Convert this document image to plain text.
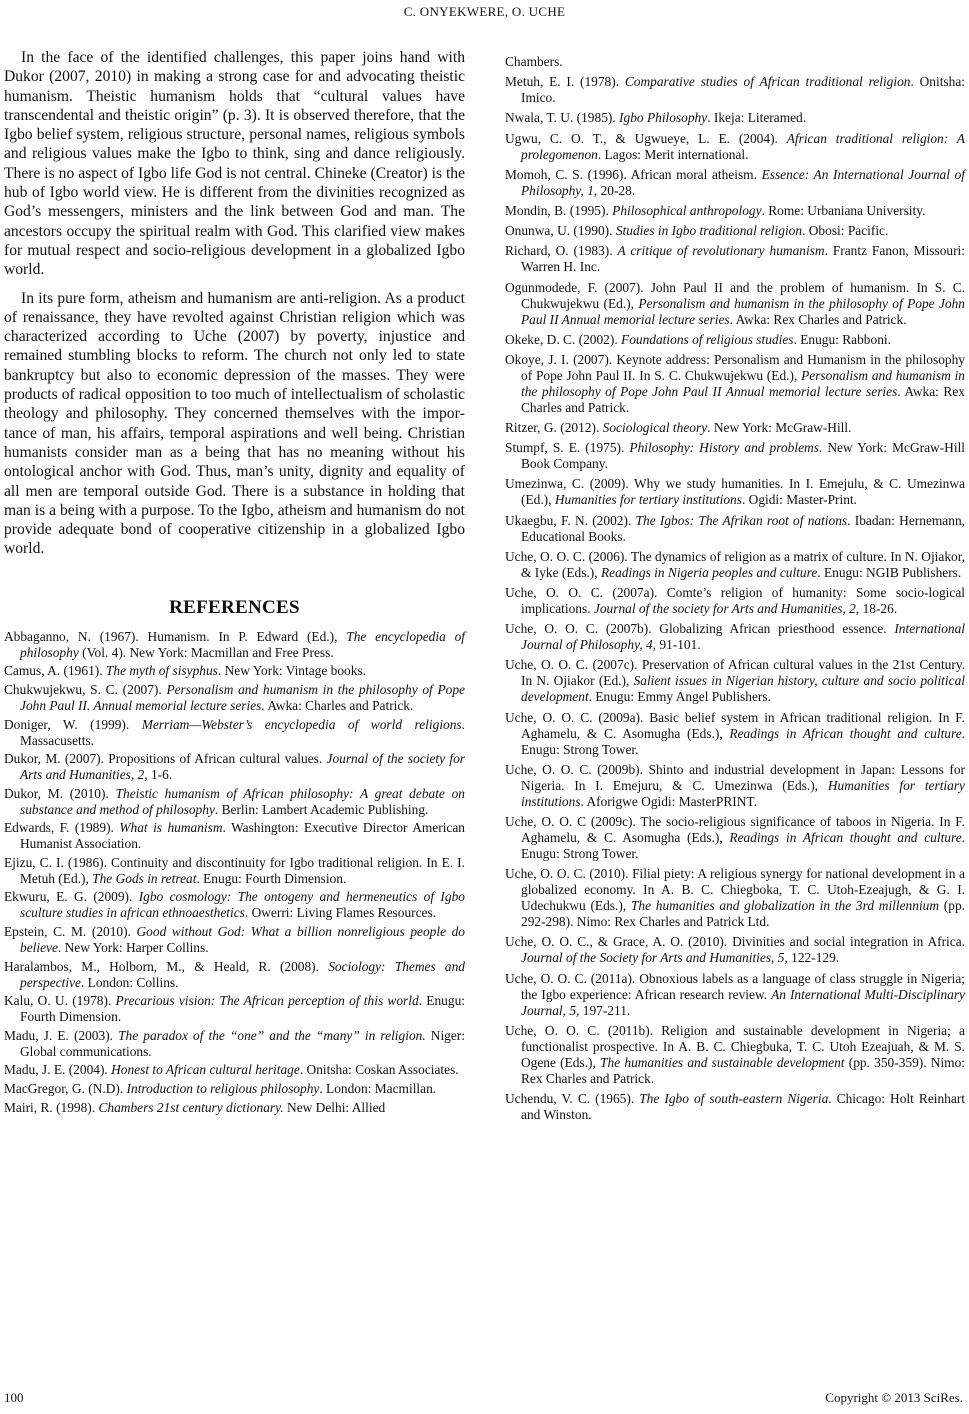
C. ONYEKWERE, O. UCHE

In the face of the identified challenges, this paper joins hand with Dukor (2007, 2010) in making a strong case for and advocating theistic humanism. Theistic humanism holds that “cultural values have transcendental and theistic origin” (p. 3). It is observed therefore, that the Igbo belief system, religious structure, personal names, religious symbols and religious values make the Igbo to think, sing and dance religiously. There is no aspect of Igbo life God is not central. Chineke (Creator) is the hub of Igbo world view. He is different from the divinities recognized as God’s messengers, ministers and the link between God and man. The ancestors occupy the spiritual realm with God. This clarified view makes for mutual respect and socio-religious development in a globalized Igbo world.

In its pure form, atheism and humanism are anti-religion. As a product of renaissance, they have revolted against Christian religion which was characterized according to Uche (2007) by poverty, injustice and remained stumbling blocks to reform. The church not only led to state bankruptcy but also to economic depression of the masses. They were products of radical opposition to too much of intellectualism of scholastic theology and philosophy. They concerned themselves with the importance of man, his affairs, temporal aspirations and well being. Christian humanists consider man as a being that has no meaning without his ontological anchor with God. Thus, man’s unity, dignity and equality of all men are temporal outside God. There is a substance in holding that man is a being with a purpose. To the Igbo, atheism and humanism do not provide adequate bond of cooperative citizenship in a globalized Igbo world.

REFERENCES

Abbaganno, N. (1967). Humanism. In P. Edward (Ed.), The encyclopedia of philosophy (Vol. 4). New York: Macmillan and Free Press.

Camus, A. (1961). The myth of sisyphus. New York: Vintage books.

Chukwujekwu, S. C. (2007). Personalism and humanism in the philosophy of Pope John Paul II. Annual memorial lecture series. Awka: Charles and Patrick.

Doniger, W. (1999). Merriam—Webster’s encyclopedia of world religions. Massacusetts.

Dukor, M. (2007). Propositions of African cultural values. Journal of the society for Arts and Humanities, 2, 1-6.

Dukor, M. (2010). Theistic humanism of African philosophy: A great debate on substance and method of philosophy. Berlin: Lambert Academic Publishing.

Edwards, F. (1989). What is humanism. Washington: Executive Director American Humanist Association.

Ejizu, C. I. (1986). Continuity and discontinuity for Igbo traditional religion. In E. I. Metuh (Ed.), The Gods in retreat. Enugu: Fourth Dimension.

Ekwuru, E. G. (2009). Igbo cosmology: The ontogeny and hermeneutics of Igbo sculture studies in african ethnoaesthetics. Owerri: Living Flames Resources.

Epstein, C. M. (2010). Good without God: What a billion nonreligious people do believe. New York: Harper Collins.

Haralambos, M., Holborn, M., & Heald, R. (2008). Sociology: Themes and perspective. London: Collins.

Kalu, O. U. (1978). Precarious vision: The African perception of this world. Enugu: Fourth Dimension.

Madu, J. E. (2003). The paradox of the “one” and the “many” in religion. Niger: Global communications.

Madu, J. E. (2004). Honest to African cultural heritage. Onitsha: Coskan Associates.

MacGregor, G. (N.D). Introduction to religious philosophy. London: Macmillan.

Mairi, R. (1998). Chambers 21st century dictionary. New Delhi: Allied

Chambers.

Metuh, E. I. (1978). Comparative studies of African traditional religion. Onitsha: Imico.

Nwala, T. U. (1985). Igbo Philosophy. Ikeja: Literamed.

Ugwu, C. O. T., & Ugwueye, L. E. (2004). African traditional religion: A prolegomenon. Lagos: Merit international.

Momoh, C. S. (1996). African moral atheism. Essence: An International Journal of Philosophy, 1, 20-28.

Mondin, B. (1995). Philosophical anthropology. Rome: Urbaniana University.

Onunwa, U. (1990). Studies in Igbo traditional religion. Obosi: Pacific.

Richard, O. (1983). A critique of revolutionary humanism. Frantz Fanon, Missouri: Warren H. Inc.

Ogunmodede, F. (2007). John Paul II and the problem of humanism. In S. C. Chukwujekwu (Ed.), Personalism and humanism in the philosophy of Pope John Paul II Annual memorial lecture series. Awka: Rex Charles and Patrick.

Okeke, D. C. (2002). Foundations of religious studies. Enugu: Rabboni.

Okoye, J. I. (2007). Keynote address: Personalism and Humanism in the philosophy of Pope John Paul II. In S. C. Chukwujekwu (Ed.), Personalism and humanism in the philosophy of Pope John Paul II Annual memorial lecture series. Awka: Rex Charles and Patrick.

Ritzer, G. (2012). Sociological theory. New York: McGraw-Hill.

Stumpf, S. E. (1975). Philosophy: History and problems. New York: McGraw-Hill Book Company.

Umezinwa, C. (2009). Why we study humanities. In I. Emejulu, & C. Umezinwa (Ed.), Humanities for tertiary institutions. Ogidi: Master-Print.

Ukaegbu, F. N. (2002). The Igbos: The Afrikan root of nations. Ibadan: Hernemann, Educational Books.

Uche, O. O. C. (2006). The dynamics of religion as a matrix of culture. In N. Ojiakor, & Iyke (Eds.), Readings in Nigeria peoples and culture. Enugu: NGIB Publishers.

Uche, O. O. C. (2007a). Comte’s religion of humanity: Some socio-logical implications. Journal of the society for Arts and Humanities, 2, 18-26.

Uche, O. O. C. (2007b). Globalizing African priesthood essence. International Journal of Philosophy, 4, 91-101.

Uche, O. O. C. (2007c). Preservation of African cultural values in the 21st Century. In N. Ojiakor (Ed.), Salient issues in Nigerian history, culture and socio political development. Enugu: Emmy Angel Publishers.

Uche, O. O. C. (2009a). Basic belief system in African traditional religion. In F. Aghamelu, & C. Asomugha (Eds.), Readings in African thought and culture. Enugu: Strong Tower.

Uche, O. O. C. (2009b). Shinto and industrial development in Japan: Lessons for Nigeria. In I. Emejuru, & C. Umezinwa (Eds.), Humanities for tertiary institutions. Aforigwe Ogidi: MasterPRINT.

Uche, O. O. C (2009c). The socio-religious significance of taboos in Nigeria. In F. Aghamelu, & C. Asomugha (Eds.), Readings in African thought and culture. Enugu: Strong Tower.

Uche, O. O. C. (2010). Filial piety: A religious synergy for national development in a globalized economy. In A. B. C. Chiegboka, T. C. Utoh-Ezeajugh, & G. I. Udechukwu (Eds.), The humanities and globalization in the 3rd millennium (pp. 292-298). Nimo: Rex Charles and Patrick Ltd.

Uche, O. O. C., & Grace, A. O. (2010). Divinities and social integration in Africa. Journal of the Society for Arts and Humanities, 5, 122-129.

Uche, O. O. C. (2011a). Obnoxious labels as a language of class struggle in Nigeria; the Igbo experience: African research review. An International Multi-Disciplinary Journal, 5, 197-211.

Uche, O. O. C. (2011b). Religion and sustainable development in Nigeria; a functionalist prospective. In A. B. C. Chiegbuka, T. C. Utoh Ezeajuah, & M. S. Ogene (Eds.), The humanities and sustainable development (pp. 350-359). Nimo: Rex Charles and Patrick.

Uchendu, V. C. (1965). The Igbo of south-eastern Nigeria. Chicago: Holt Reinhart and Winston.

100	Copyright © 2013 SciRes.
